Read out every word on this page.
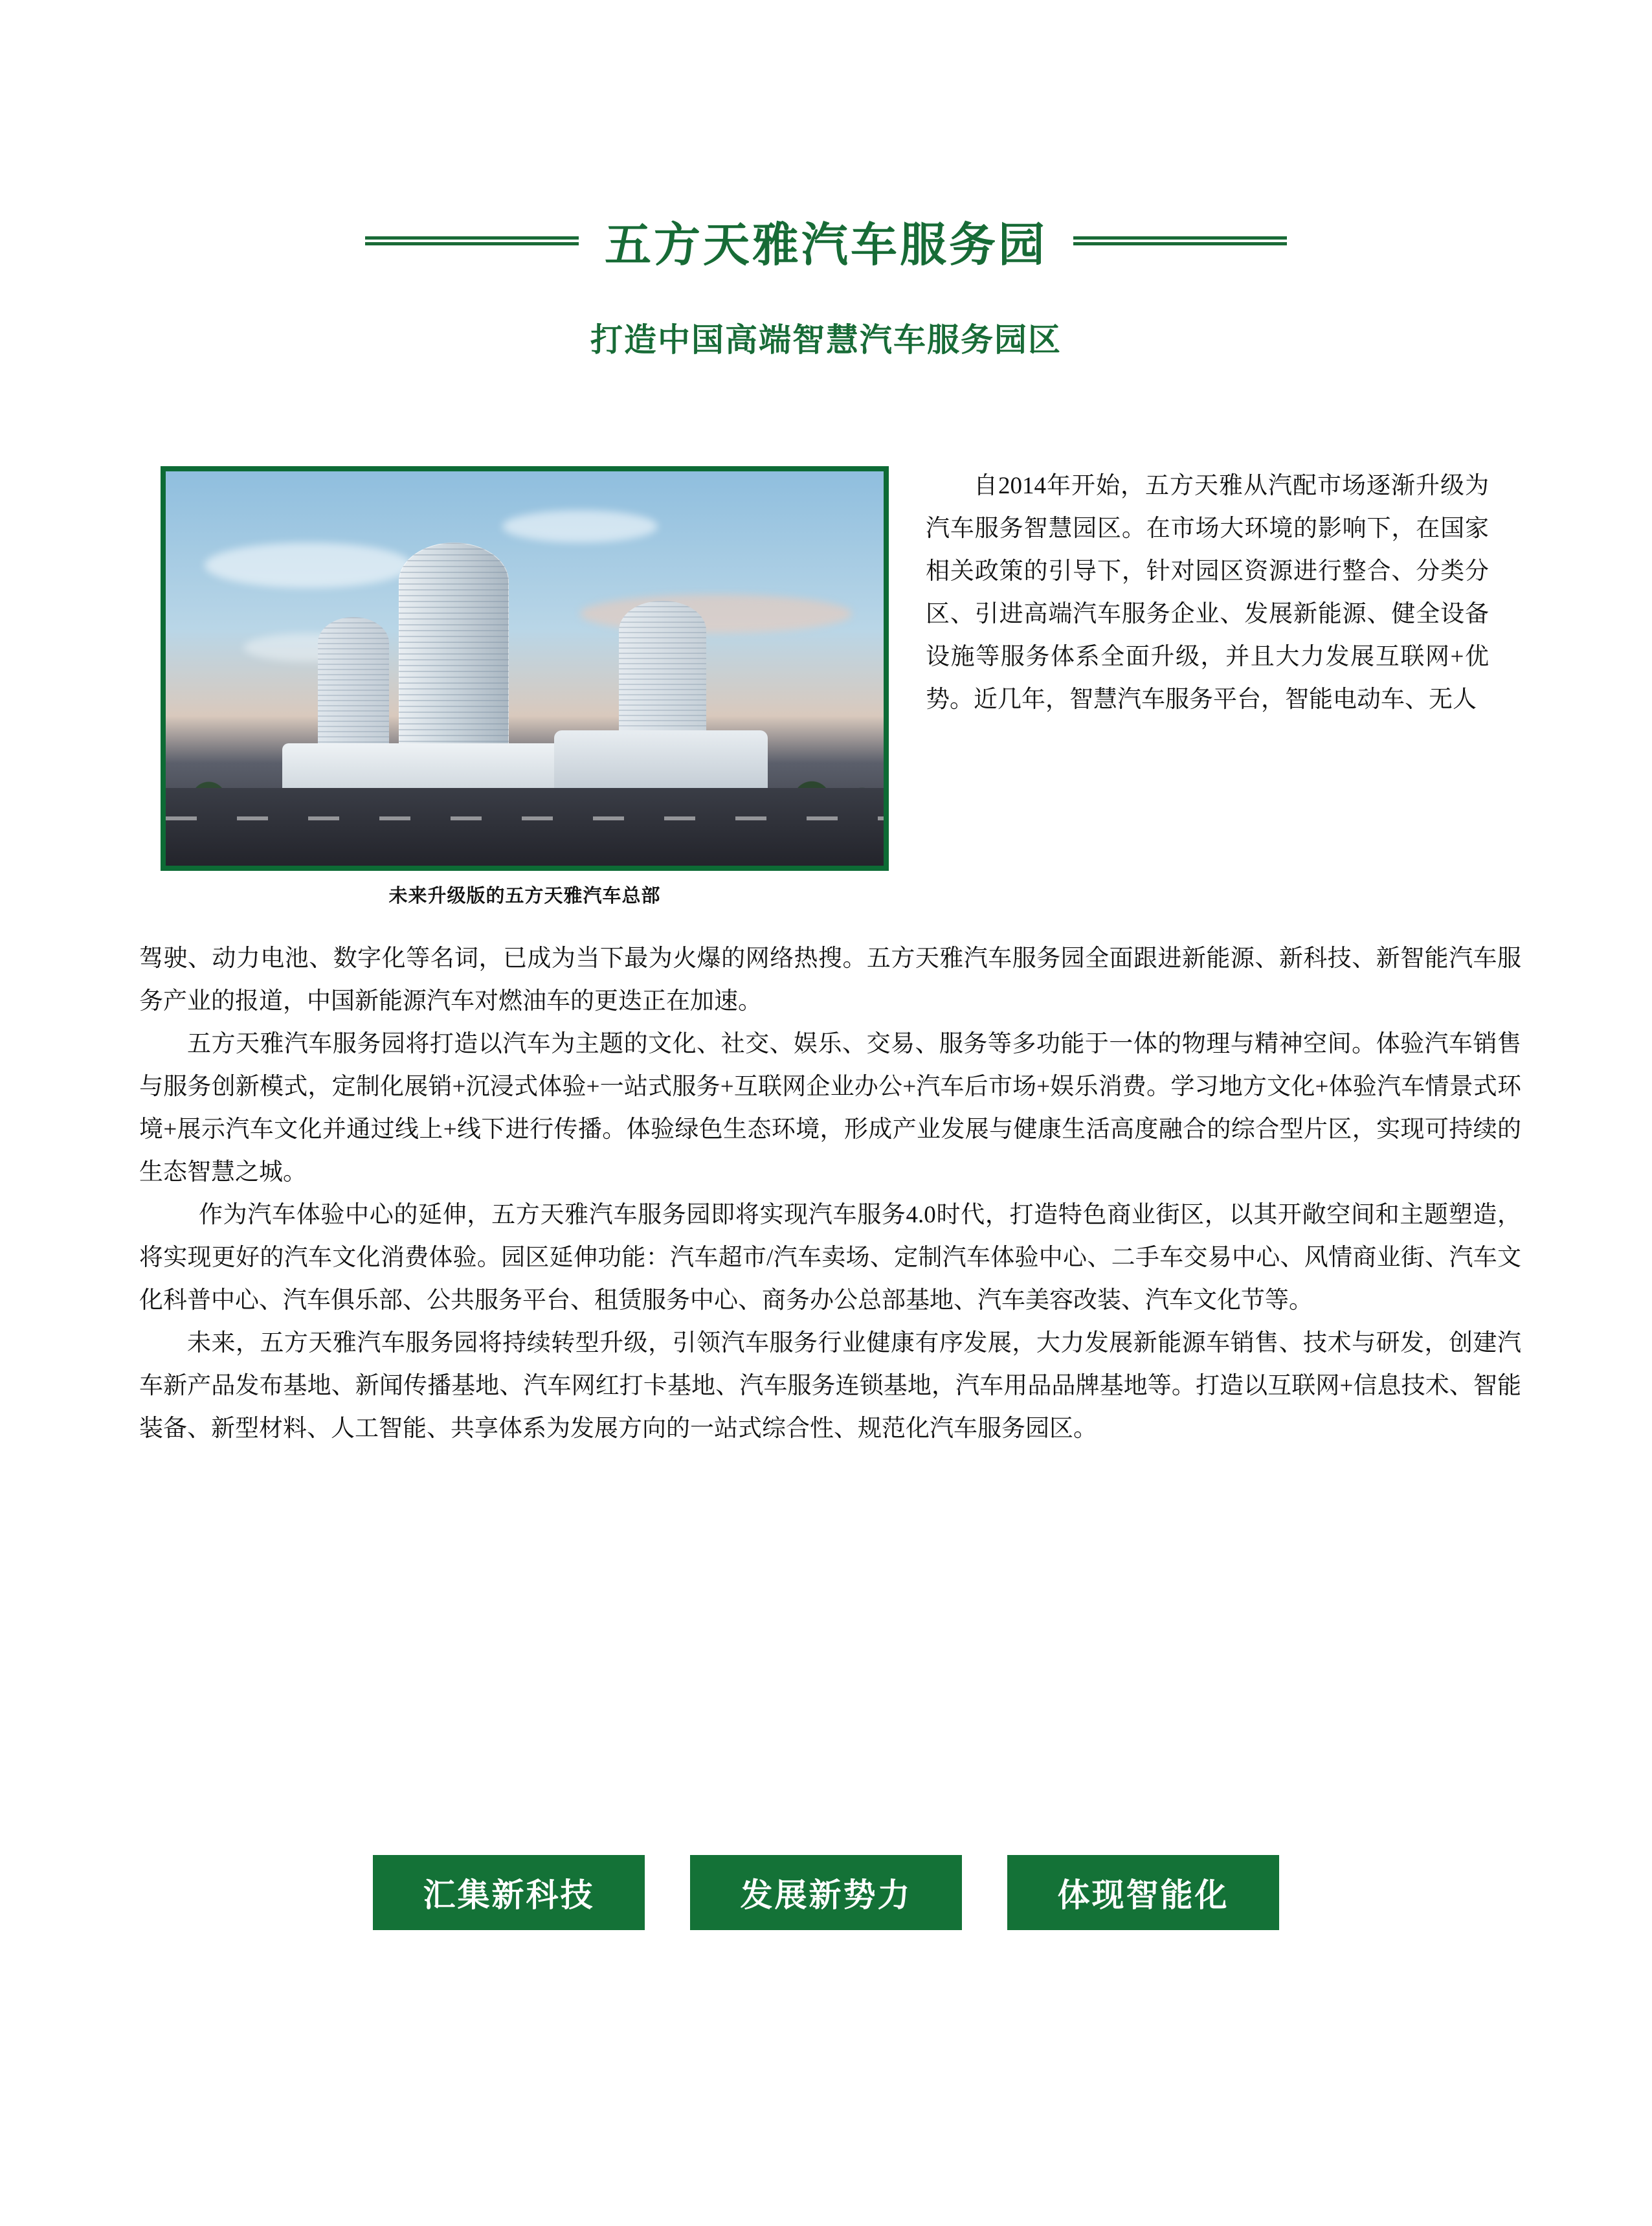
五方天雅汽车服务园
打造中国高端智慧汽车服务园区
未来升级版的五方天雅汽车总部
自2014年开始，五方天雅从汽配市场逐渐升级为汽车服务智慧园区。在市场大环境的影响下，在国家相关政策的引导下，针对园区资源进行整合、分类分区、引进高端汽车服务企业、发展新能源、健全设备设施等服务体系全面升级，并且大力发展互联网+优势。近几年，智慧汽车服务平台，智能电动车、无人

驾驶、动力电池、数字化等名词，已成为当下最为火爆的网络热搜。五方天雅汽车服务园全面跟进新能源、新科技、新智能汽车服务产业的报道，中国新能源汽车对燃油车的更迭正在加速。

五方天雅汽车服务园将打造以汽车为主题的文化、社交、娱乐、交易、服务等多功能于一体的物理与精神空间。体验汽车销售与服务创新模式，定制化展销+沉浸式体验+一站式服务+互联网企业办公+汽车后市场+娱乐消费。学习地方文化+体验汽车情景式环境+展示汽车文化并通过线上+线下进行传播。体验绿色生态环境，形成产业发展与健康生活高度融合的综合型片区，实现可持续的生态智慧之城。

作为汽车体验中心的延伸，五方天雅汽车服务园即将实现汽车服务4.0时代，打造特色商业街区，以其开敞空间和主题塑造，将实现更好的汽车文化消费体验。园区延伸功能：汽车超市/汽车卖场、定制汽车体验中心、二手车交易中心、风情商业街、汽车文化科普中心、汽车俱乐部、公共服务平台、租赁服务中心、商务办公总部基地、汽车美容改装、汽车文化节等。

未来，五方天雅汽车服务园将持续转型升级，引领汽车服务行业健康有序发展，大力发展新能源车销售、技术与研发，创建汽车新产品发布基地、新闻传播基地、汽车网红打卡基地、汽车服务连锁基地，汽车用品品牌基地等。打造以互联网+信息技术、智能装备、新型材料、人工智能、共享体系为发展方向的一站式综合性、规范化汽车服务园区。

汇集新科技	发展新势力	体现智能化
